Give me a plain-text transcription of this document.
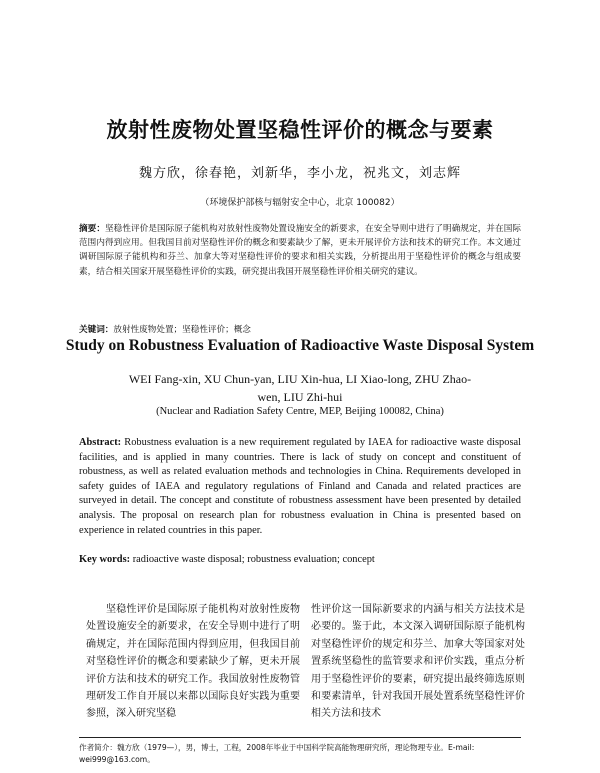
放射性废物处置坚稳性评价的概念与要素
魏方欣，徐春艳，刘新华，李小龙，祝兆文，刘志辉
（环境保护部核与辐射安全中心，北京 100082）
摘要：坚稳性评价是国际原子能机构对放射性废物处置设施安全的新要求，在安全导则中进行了明确规定，并在国际范围内得到应用。但我国目前对坚稳性评价的概念和要素缺少了解，更未开展评价方法和技术的研究工作。本文通过调研国际原子能机构和芬兰、加拿大等对坚稳性评价的要求和相关实践，分析提出用于坚稳性评价的概念与组成要素，结合相关国家开展坚稳性评价的实践，研究提出我国开展坚稳性评价相关研究的建议。
关键词：放射性废物处置；坚稳性评价；概念
Study on Robustness Evaluation of Radioactive Waste Disposal System
WEI Fang-xin, XU Chun-yan, LIU Xin-hua, LI Xiao-long, ZHU Zhao-wen, LIU Zhi-hui
(Nuclear and Radiation Safety Centre, MEP, Beijing 100082, China)
Abstract: Robustness evaluation is a new requirement regulated by IAEA for radioactive waste disposal facilities, and is applied in many countries. There is lack of study on concept and constituent of robustness, as well as related evaluation methods and technologies in China. Requirements developed in safety guides of IAEA and regulatory regulations of Finland and Canada and related practices are surveyed in detail. The concept and constitute of robustness assessment have been presented by detailed analysis. The proposal on research plan for robustness evaluation in China is presented based on experience in related countries in this paper.
Key words: radioactive waste disposal; robustness evaluation; concept
坚稳性评价是国际原子能机构对放射性废物处置设施安全的新要求，在安全导则中进行了明确规定，并在国际范围内得到应用，但我国目前对坚稳性评价的概念和要素缺少了解，更未开展评价方法和技术的研究工作。我国放射性废物管理研发工作自开展以来都以国际良好实践为重要参照，深入研究坚稳
性评价这一国际新要求的内涵与相关方法技术是必要的。鉴于此，本文深入调研国际原子能机构对坚稳性评价的规定和芬兰、加拿大等国家对处置系统坚稳性的监管要求和评价实践，重点分析用于坚稳性评价的要素，研究提出最终筛选原则和要素清单，针对我国开展处置系统坚稳性评价相关方法和技术
作者简介：魏方欣（1979—），男，博士，工程，2008年毕业于中国科学院高能物理研究所，理论物理专业。E-mail: wei999@163.com。
